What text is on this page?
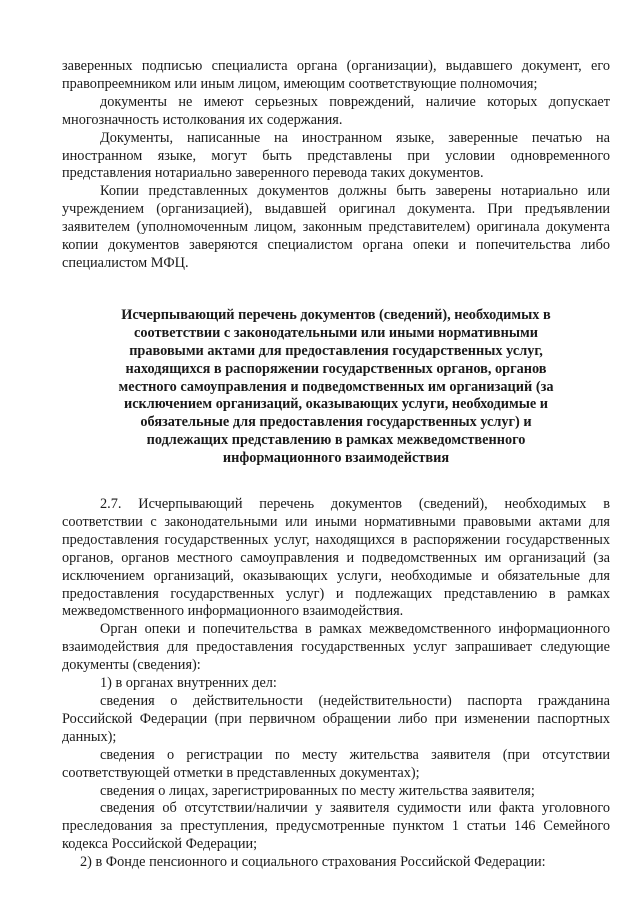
заверенных подписью специалиста органа (организации), выдавшего документ, его правопреемником или иным лицом, имеющим соответствующие полномочия;

документы не имеют серьезных повреждений, наличие которых допускает многозначность истолкования их содержания.

Документы, написанные на иностранном языке, заверенные печатью на иностранном языке, могут быть представлены при условии одновременного представления нотариально заверенного перевода таких документов.

Копии представленных документов должны быть заверены нотариально или учреждением (организацией), выдавшей оригинал документа. При предъявлении заявителем (уполномоченным лицом, законным представителем) оригинала документа копии документов заверяются специалистом органа опеки и попечительства либо специалистом МФЦ.

Исчерпывающий перечень документов (сведений), необходимых в соответствии с законодательными или иными нормативными правовыми актами для предоставления государственных услуг, находящихся в распоряжении государственных органов, органов местного самоуправления и подведомственных им организаций (за исключением организаций, оказывающих услуги, необходимые и обязательные для предоставления государственных услуг) и подлежащих представлению в рамках межведомственного информационного взаимодействия

2.7. Исчерпывающий перечень документов (сведений), необходимых в соответствии с законодательными или иными нормативными правовыми актами для предоставления государственных услуг, находящихся в распоряжении государственных органов, органов местного самоуправления и подведомственных им организаций (за исключением организаций, оказывающих услуги, необходимые и обязательные для предоставления государственных услуг) и подлежащих представлению в рамках межведомственного информационного взаимодействия.

Орган опеки и попечительства в рамках межведомственного информационного взаимодействия для предоставления государственных услуг запрашивает следующие документы (сведения):

1) в органах внутренних дел:

сведения о действительности (недействительности) паспорта гражданина Российской Федерации (при первичном обращении либо при изменении паспортных данных);

сведения о регистрации по месту жительства заявителя (при отсутствии соответствующей отметки в представленных документах);

сведения о лицах, зарегистрированных по месту жительства заявителя;

сведения об отсутствии/наличии у заявителя судимости или факта уголовного преследования за преступления, предусмотренные пунктом 1 статьи 146 Семейного кодекса Российской Федерации;

2) в Фонде пенсионного и социального страхования Российской Федерации:
